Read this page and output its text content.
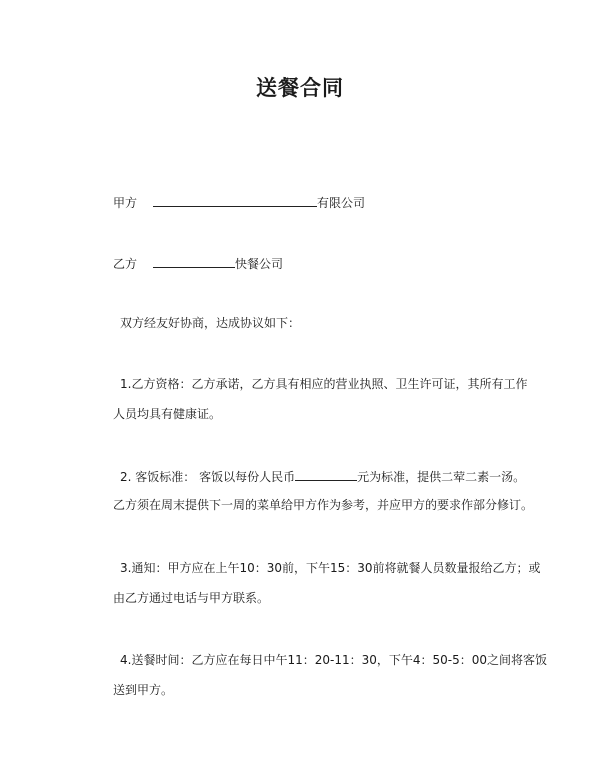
送餐合同
甲方	有限公司
乙方	快餐公司
双方经友好协商，达成协议如下：
1.乙方资格：乙方承诺，乙方具有相应的营业执照、卫生许可证，其所有工作
人员均具有健康证。
2. 客饭标准： 客饭以每份人民币	元为标准，提供二荤二素一汤。
乙方须在周末提供下一周的菜单给甲方作为参考，并应甲方的要求作部分修订。
3.通知：甲方应在上午10：30前，下午15：30前将就餐人员数量报给乙方；或
由乙方通过电话与甲方联系。
4.送餐时间：乙方应在每日中午11：20-11：30，下午4：50-5：00之间将客饭
送到甲方。
